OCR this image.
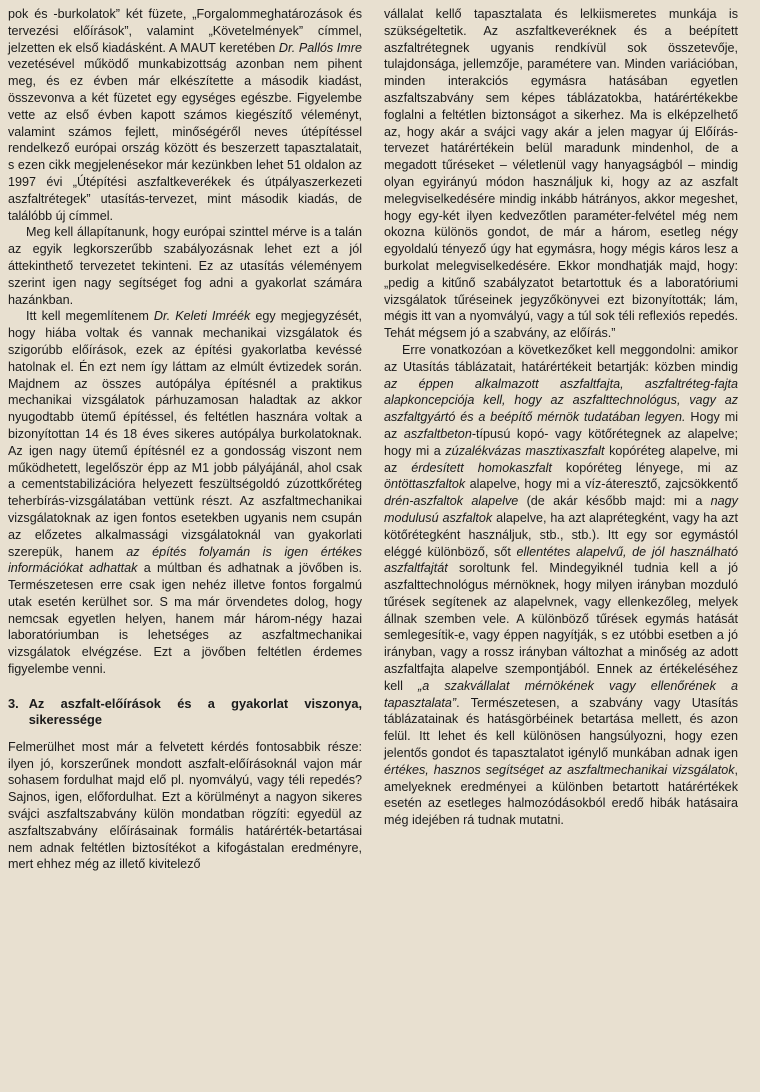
pok és -burkolatok” két füzete, „Forgalommeghatározások és tervezési előírások”, valamint „Követelmények” címmel, jelzetten ek első kiadásként. A MAUT keretében Dr. Pallós Imre vezetésével működő munkabizottság azonban nem pihent meg, és ez évben már elkészítette a második kiadást, összevonva a két füzetet egy egységes egészbe. Figyelembe vette az első évben kapott számos kiegészítő véleményt, valamint számos fejlett, minőségéről neves útépítéssel rendelkező európai ország között és beszerzett tapasztalatait, s ezen cikk megjelenésekor már kezünkben lehet 51 oldalon az 1997 évi „Útépítési aszfaltkeverékek és útpályaszerkezeti aszfaltrétegek” utasítás-tervezet, mint második kiadás, de találóbb új címmel.

Meg kell állapítanunk, hogy európai szinttel mérve is a talán az egyik legkorszerűbb szabályozásnak lehet ezt a jól áttekinthető tervezetet tekinteni. Ez az utasítás véleményem szerint igen nagy segítséget fog adni a gyakorlat számára hazánkban.

Itt kell megemlítenem Dr. Keleti Imréék egy megjegyzését, hogy hiába voltak és vannak mechanikai vizsgálatok és szigorúbb előírások, ezek az építési gyakorlatba kevéssé hatolnak el. Én ezt nem így láttam az elmúlt évtizedek során. Majdnem az összes autópálya építésnél a praktikus mechanikai vizsgálatok párhuzamosan haladtak az akkor nyugodtabb ütemű építéssel, és feltétlen hasznára voltak a bizonyítottan 14 és 18 éves sikeres autópálya burkolatoknak. Az igen nagy ütemű építésnél ez a gondosság viszont nem működhetett, legelőször épp az M1 jobb pályájánál, ahol csak a cementstabilizációra helyezett feszültségoldó zúzottkőréteg teherbírás-vizsgálatában vettünk részt. Az aszfaltmechanikai vizsgálatoknak az igen fontos esetekben ugyanis nem csupán az előzetes alkalmassági vizsgálatoknál van gyakorlati szerepük, hanem az építés folyamán is igen értékes információkat adhattak a múltban és adhatnak a jövőben is. Természetesen erre csak igen nehéz illetve fontos forgalmú utak esetén kerülhet sor. S ma már örvendetes dolog, hogy nemcsak egyetlen helyen, hanem már három-négy hazai laboratóriumban is lehetséges az aszfaltmechanikai vizsgálatok elvégzése. Ezt a jövőben feltétlen érdemes figyelembe venni.

3. Az aszfalt-előírások és a gyakorlat viszonya, sikeressége

Felmerülhet most már a felvetett kérdés fontosabbik része: ilyen jó, korszerűnek mondott aszfalt-előírásoknál vajon már sohasem fordulhat majd elő pl. nyomvályú, vagy téli repedés? Sajnos, igen, előfordulhat. Ezt a körülményt a nagyon sikeres svájci aszfaltszabvány külön mondatban rögzíti: egyedül az aszfaltszabvány előírásainak formális határérték-betartásai nem adnak feltétlen biztosítékot a kifogástalan eredményre, mert ehhez még az illető kivitelező

vállalat kellő tapasztalata és lelkiismeretes munkája is szükségeltetik. Az aszfaltkeveréknek és a beépített aszfaltrétegnek ugyanis rendkívül sok összetevője, tulajdonsága, jellemzője, paramétere van. Minden variációban, minden interakciós egymásra hatásában egyetlen aszfaltszabvány sem képes táblázatokba, határértékekbe foglalni a feltétlen biztonságot a sikerhez. Ma is elképzelhető az, hogy akár a svájci vagy akár a jelen magyar új Előírás-tervezet határértékein belül maradunk mindenhol, de a megadott tűréseket – véletlenül vagy hanyagságból – mindig olyan egyirányú módon használjuk ki, hogy az az aszfalt melegviselkedésére mindig inkább hátrányos, akkor megeshet, hogy egy-két ilyen kedvezőtlen paraméter-felvétel még nem okozna különös gondot, de már a három, esetleg négy egyoldalú tényező úgy hat egymásra, hogy mégis káros lesz a burkolat melegviselkedésére. Ekkor mondhatják majd, hogy: „pedig a kitűnő szabályzatot betartottuk és a laboratóriumi vizsgálatok tűréseinek jegyzőkönyvei ezt bizonyították; lám, mégis itt van a nyomvályú, vagy a túl sok téli reflexiós repedés. Tehát mégsem jó a szabvány, az előírás.”

Erre vonatkozóan a következőket kell meggondolni: amikor az Utasítás táblázatait, határértékeit betartják: közben mindig az éppen alkalmazott aszfaltfajta, aszfaltréteg-fajta alapkoncepciója kell, hogy az aszfalttechnológus, vagy az aszfaltgyártó és a beépítő mérnök tudatában legyen. Hogy mi az aszfaltbeton-típusú kopó- vagy kötőrétegnek az alapelve; hogy mi a zúzalékvázas masztixaszfalt kopóréteg alapelve, mi az érdesített homokaszfalt kopóréteg lényege, mi az öntöttaszfaltok alapelve, hogy mi a víz-áteresztő, zajcsökkentő drén-aszfaltok alapelve (de akár később majd: mi a nagy modulusú aszfaltok alapelve, ha azt alaprétegként, vagy ha azt kötőrétegként használjuk, stb., stb.). Itt egy sor egymástól eléggé különböző, sőt ellentétes alapelvű, de jól használható aszfaltfajtát soroltunk fel. Mindegyiknél tudnia kell a jó aszfalttechnológus mérnöknek, hogy milyen irányban mozduló tűrések segítenek az alapelvnek, vagy ellenkezőleg, melyek állnak szemben vele. A különböző tűrések egymás hatását semlegesítik-e, vagy éppen nagyítják, s ez utóbbi esetben a jó irányban, vagy a rossz irányban változhat a minőség az adott aszfaltfajta alapelve szempontjából. Ennek az értékeléséhez kell „a szakvállalat mérnökének vagy ellenőrének a tapasztalata”. Természetesen, a szabvány vagy Utasítás táblázatainak és hatásgörbéinek betartása mellett, és azon felül. Itt lehet és kell különösen hangsúlyozni, hogy ezen jelentős gondot és tapasztalatot igénylő munkában adnak igen értékes, hasznos segítséget az aszfaltmechanikai vizsgálatok, amelyeknek eredményei a különben betartott határértékek esetén az esetleges halmozódásokból eredő hibák hatásaira még idejében rá tudnak mutatni.
